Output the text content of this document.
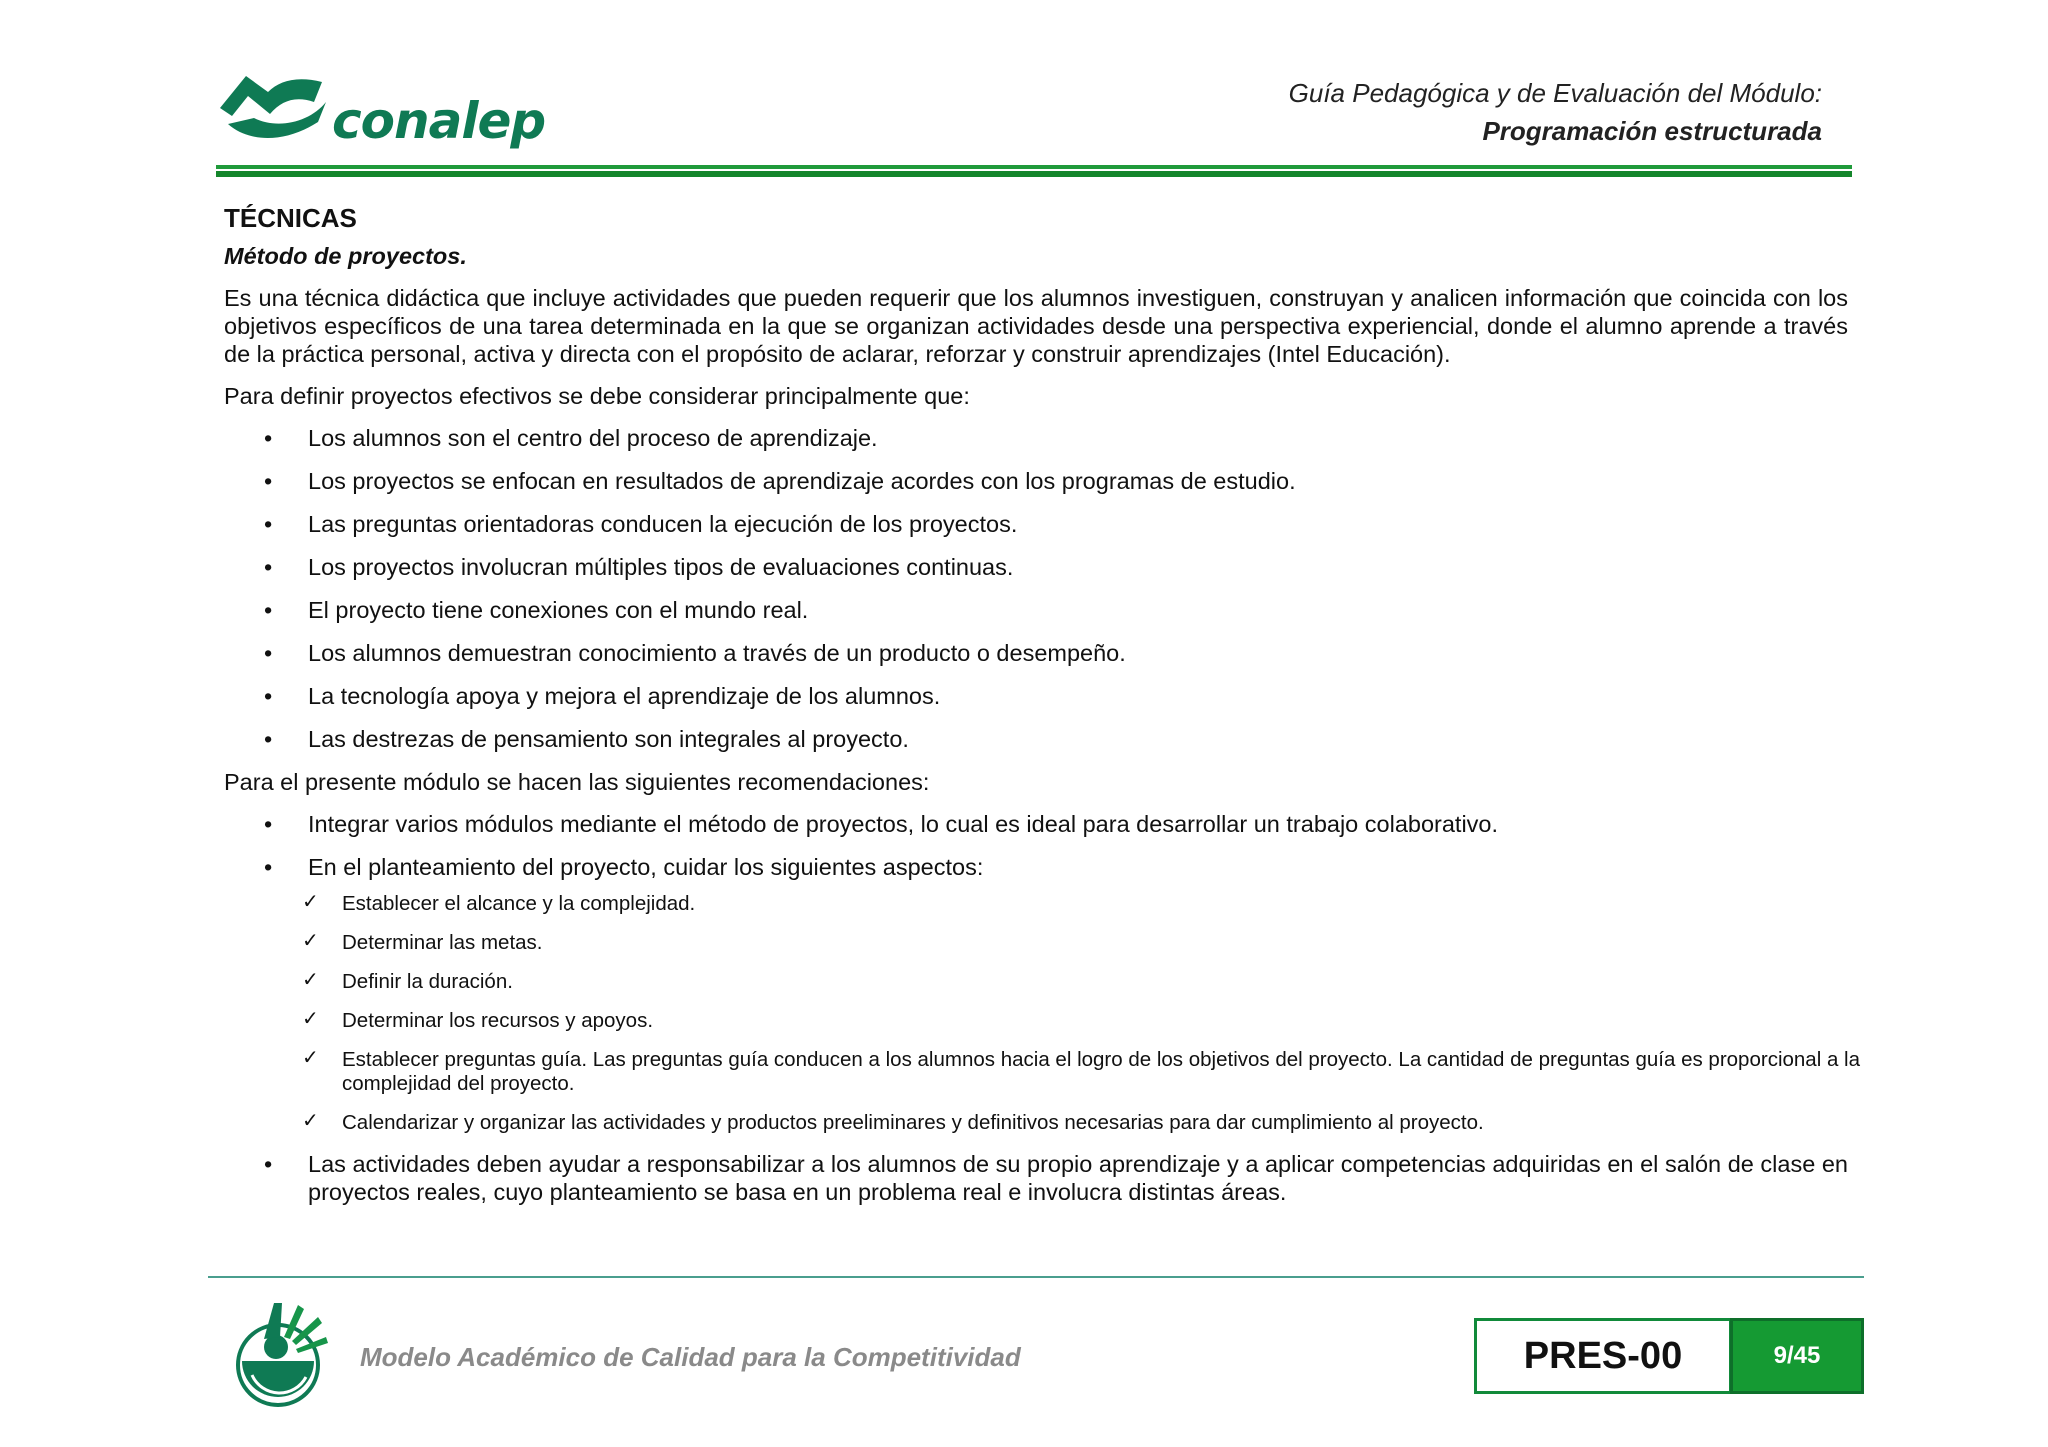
conalep	Guía Pedagógica y de Evaluación del Módulo:
Programación estructurada
TÉCNICAS
Método de proyectos.

Es una técnica didáctica que incluye actividades que pueden requerir que los alumnos investiguen, construyan y analicen información que coincida con los objetivos específicos de una tarea determinada en la que se organizan actividades desde una perspectiva experiencial, donde el alumno aprende a través de la práctica personal, activa y directa con el propósito de aclarar, reforzar y construir aprendizajes (Intel Educación).

Para definir proyectos efectivos se debe considerar principalmente que:

• Los alumnos son el centro del proceso de aprendizaje.
• Los proyectos se enfocan en resultados de aprendizaje acordes con los programas de estudio.
• Las preguntas orientadoras conducen la ejecución de los proyectos.
• Los proyectos involucran múltiples tipos de evaluaciones continuas.
• El proyecto tiene conexiones con el mundo real.
• Los alumnos demuestran conocimiento a través de un producto o desempeño.
• La tecnología apoya y mejora el aprendizaje de los alumnos.
• Las destrezas de pensamiento son integrales al proyecto.

Para el presente módulo se hacen las siguientes recomendaciones:

• Integrar varios módulos mediante el método de proyectos, lo cual es ideal para desarrollar un trabajo colaborativo.
• En el planteamiento del proyecto, cuidar los siguientes aspectos:
✓ Establecer el alcance y la complejidad.
✓ Determinar las metas.
✓ Definir la duración.
✓ Determinar los recursos y apoyos.
✓ Establecer preguntas guía. Las preguntas guía conducen a los alumnos hacia el logro de los objetivos del proyecto. La cantidad de preguntas guía es proporcional a la complejidad del proyecto.
✓ Calendarizar y organizar las actividades y productos preeliminares y definitivos necesarias para dar cumplimiento al proyecto.
• Las actividades deben ayudar a responsabilizar a los alumnos de su propio aprendizaje y a aplicar competencias adquiridas en el salón de clase en proyectos reales, cuyo planteamiento se basa en un problema real e involucra distintas áreas.
Modelo Académico de Calidad para la Competitividad	PRES-00	9/45
